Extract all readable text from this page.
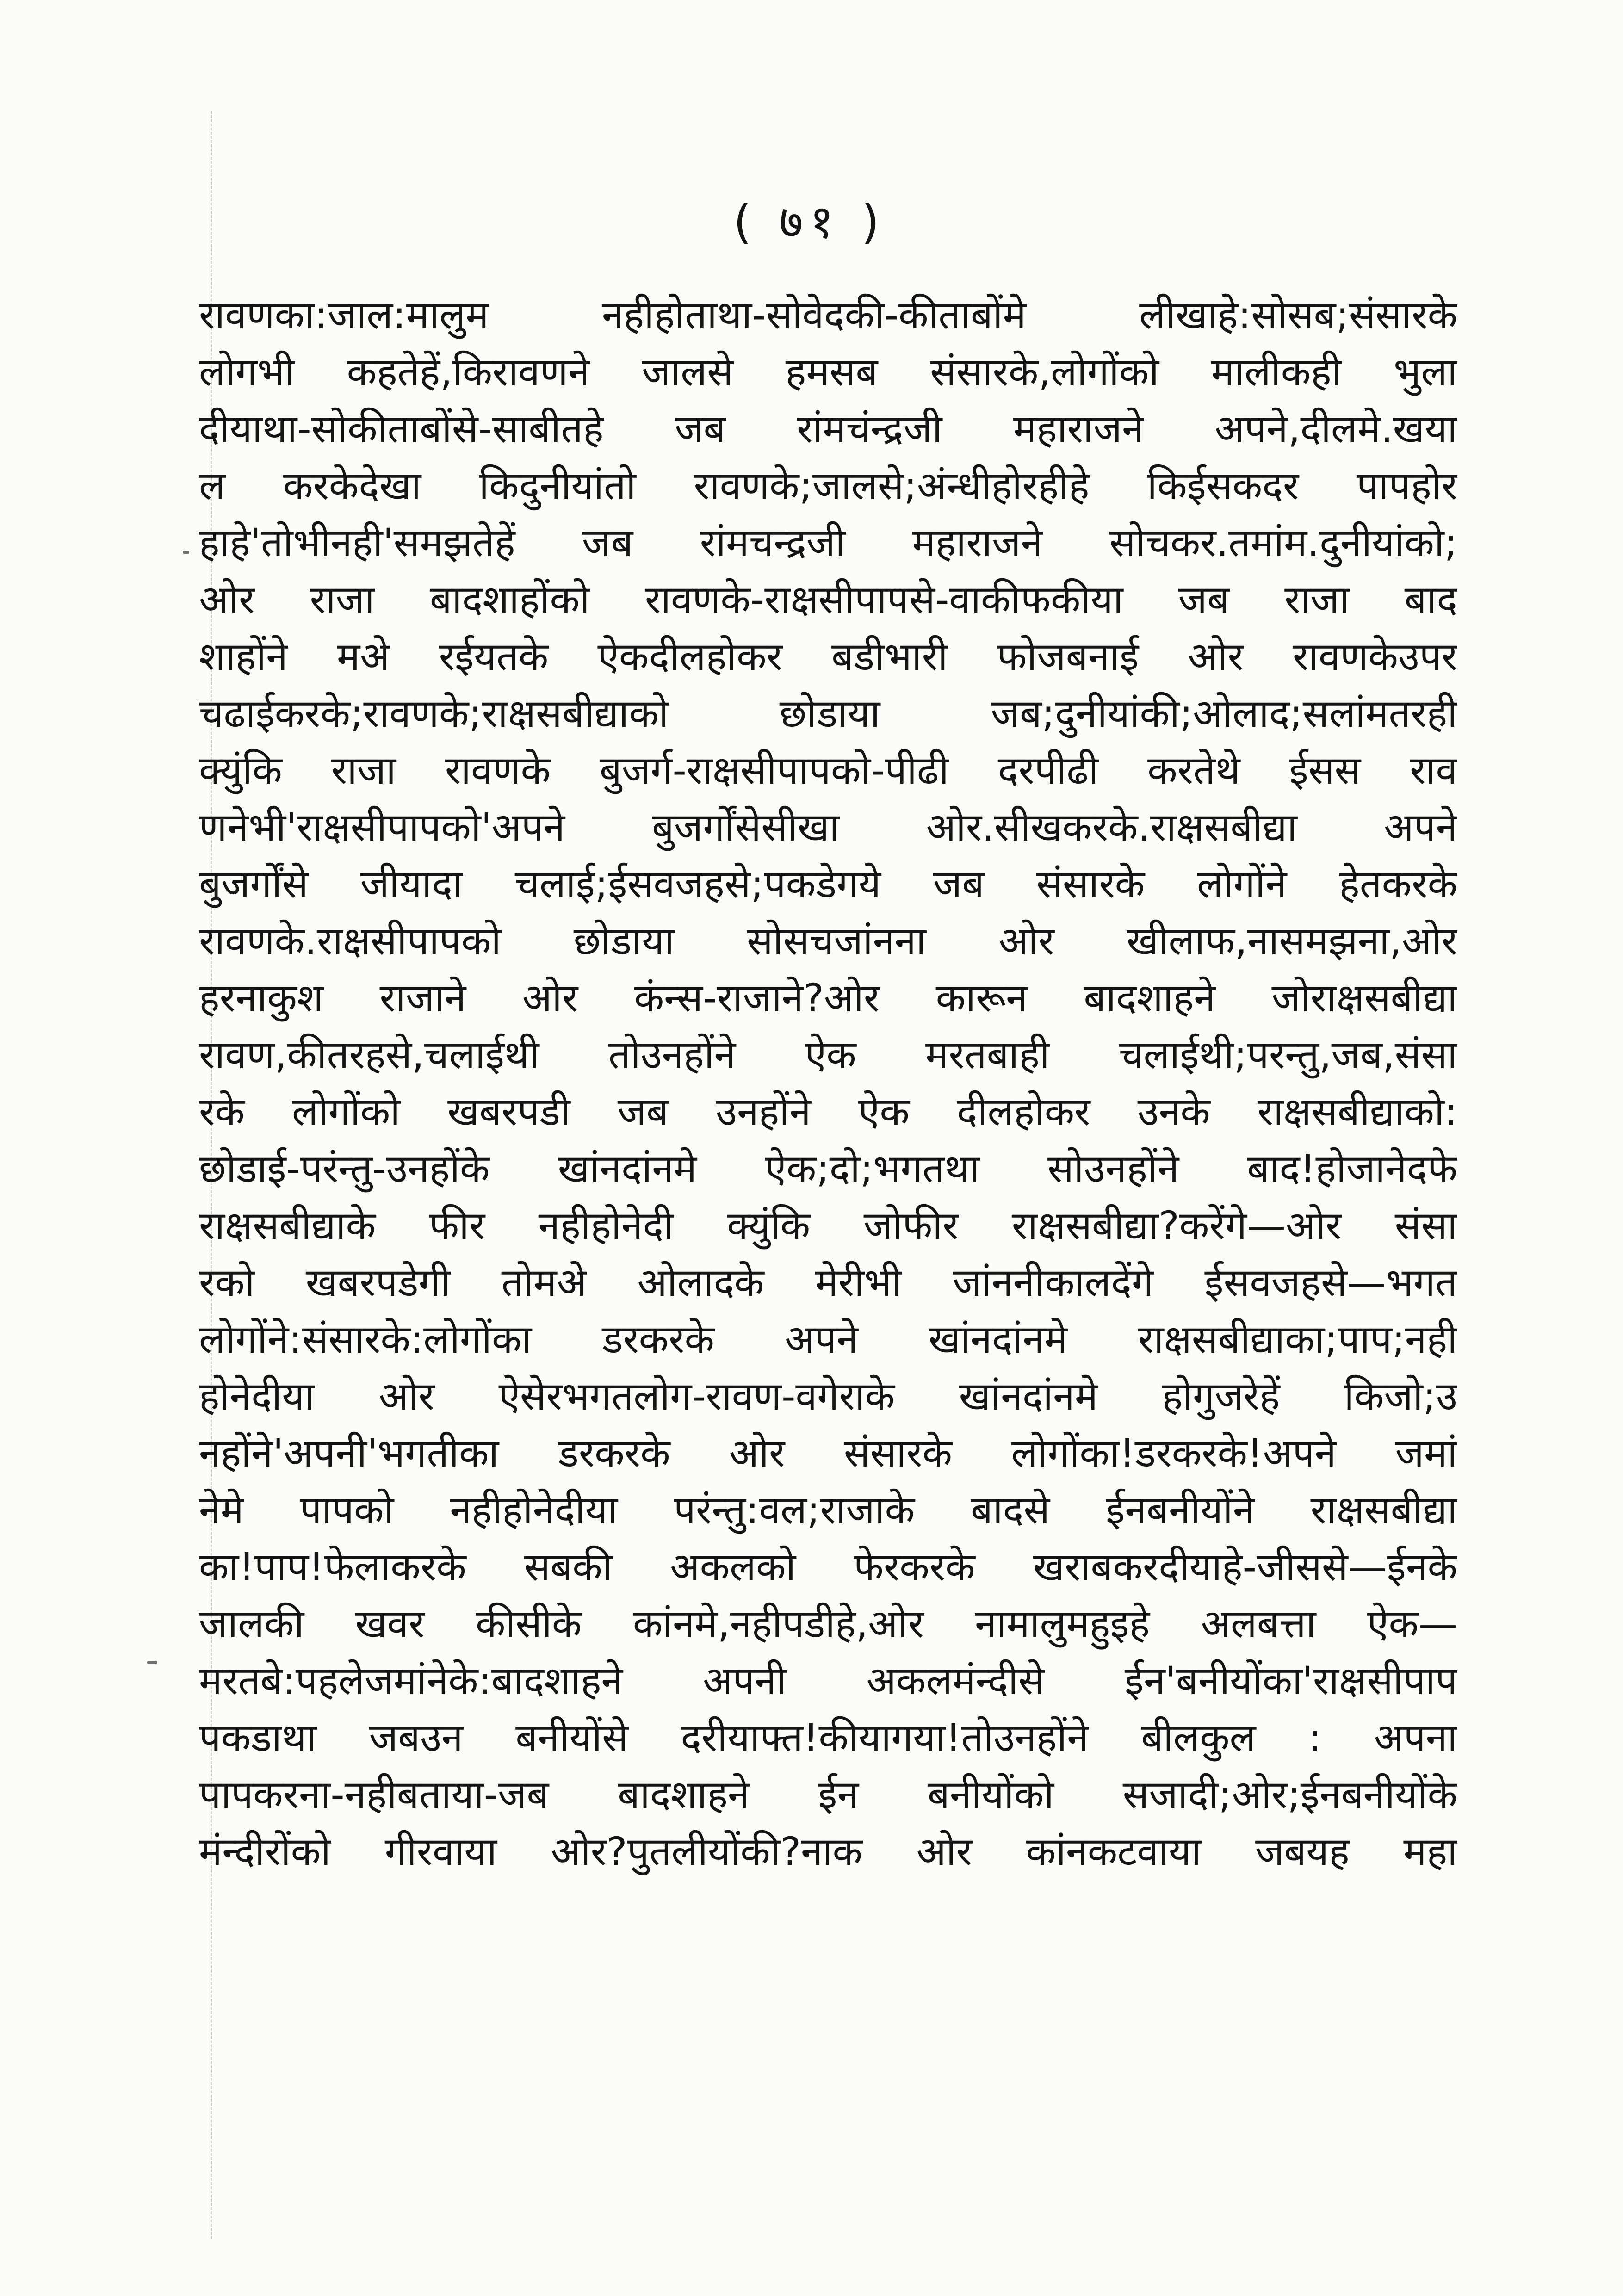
( ७१ )
रावणका:जाल:मालुम नहीहोताथा-सोवेदकी-कीताबोंमे लीखाहे:सोसब;संसारके
लोगभी कहतेहें,किरावणने जालसे हमसब संसारके,लोगोंको मालीकही भुला
दीयाथा-सोकीताबोंसे-साबीतहे जब रांमचंन्द्रजी महाराजने अपने,दीलमे.खया
ल करकेदेखा किदुनीयांतो रावणके;जालसे;अंन्धीहोरहीहे किईसकदर पापहोर
हाहे'तोभीनही'समझतेहें जब रांमचन्द्रजी महाराजने सोचकर.तमांम.दुनीयांको;
ओर राजा बादशाहोंको रावणके-राक्षसीपापसे-वाकीफकीया जब राजा बाद
शाहोंने मअे रईयतके ऐकदीलहोकर बडीभारी फोजबनाई ओर रावणकेउपर
चढाईकरके;रावणके;राक्षसबीद्याको छोडाया जब;दुनीयांकी;ओलाद;सलांमतरही
क्युंकि राजा रावणके बुजर्ग-राक्षसीपापको-पीढी दरपीढी करतेथे ईसस राव
णनेभी'राक्षसीपापको'अपने बुजर्गोंसेसीखा ओर.सीखकरके.राक्षसबीद्या अपने
बुजर्गोंसे जीयादा चलाई;ईसवजहसे;पकडेगये जब संसारके लोगोंने हेतकरके
रावणके.राक्षसीपापको छोडाया सोसचजांनना ओर खीलाफ,नासमझना,ओर
हरनाकुश राजाने ओर कंन्स-राजाने?ओर कारून बादशाहने जोराक्षसबीद्या
रावण,कीतरहसे,चलाईथी तोउनहोंने ऐक मरतबाही चलाईथी;परन्तु,जब,संसा
रके लोगोंको खबरपडी जब उनहोंने ऐक दीलहोकर उनके राक्षसबीद्याको:
छोडाई-परंन्तु-उनहोंके खांनदांनमे ऐक;दो;भगतथा सोउनहोंने बाद!होजानेदफे
राक्षसबीद्याके फीर नहीहोनेदी क्युंकि जोफीर राक्षसबीद्या?करेंगे—ओर संसा
रको खबरपडेगी तोमअे ओलादके मेरीभी जांननीकालदेंगे ईसवजहसे—भगत
लोगोंने:संसारके:लोगोंका डरकरके अपने खांनदांनमे राक्षसबीद्याका;पाप;नही
होनेदीया ओर ऐसेरभगतलोग-रावण-वगेराके खांनदांनमे होगुजरेहें किजो;उ
नहोंने'अपनी'भगतीका डरकरके ओर संसारके लोगोंका!डरकरके!अपने जमां
नेमे पापको नहीहोनेदीया परंन्तु:वल;राजाके बादसे ईनबनीयोंने राक्षसबीद्या
का!पाप!फेलाकरके सबकी अकलको फेरकरके खराबकरदीयाहे-जीससे—ईनके
जालकी खवर कीसीके कांनमे,नहीपडीहे,ओर नामालुमहुइहे अलबत्ता ऐक—
मरतबे:पहलेजमांनेके:बादशाहने अपनी अकलमंन्दीसे ईन'बनीयोंका'राक्षसीपाप
पकडाथा जबउन बनीयोंसे दरीयाफ्त!कीयागया!तोउनहोंने बीलकुल : अपना
पापकरना-नहीबताया-जब बादशाहने ईन बनीयोंको सजादी;ओर;ईनबनीयोंके
मंन्दीरोंको गीरवाया ओर?पुतलीयोंकी?नाक ओर कांनकटवाया जबयह महा
